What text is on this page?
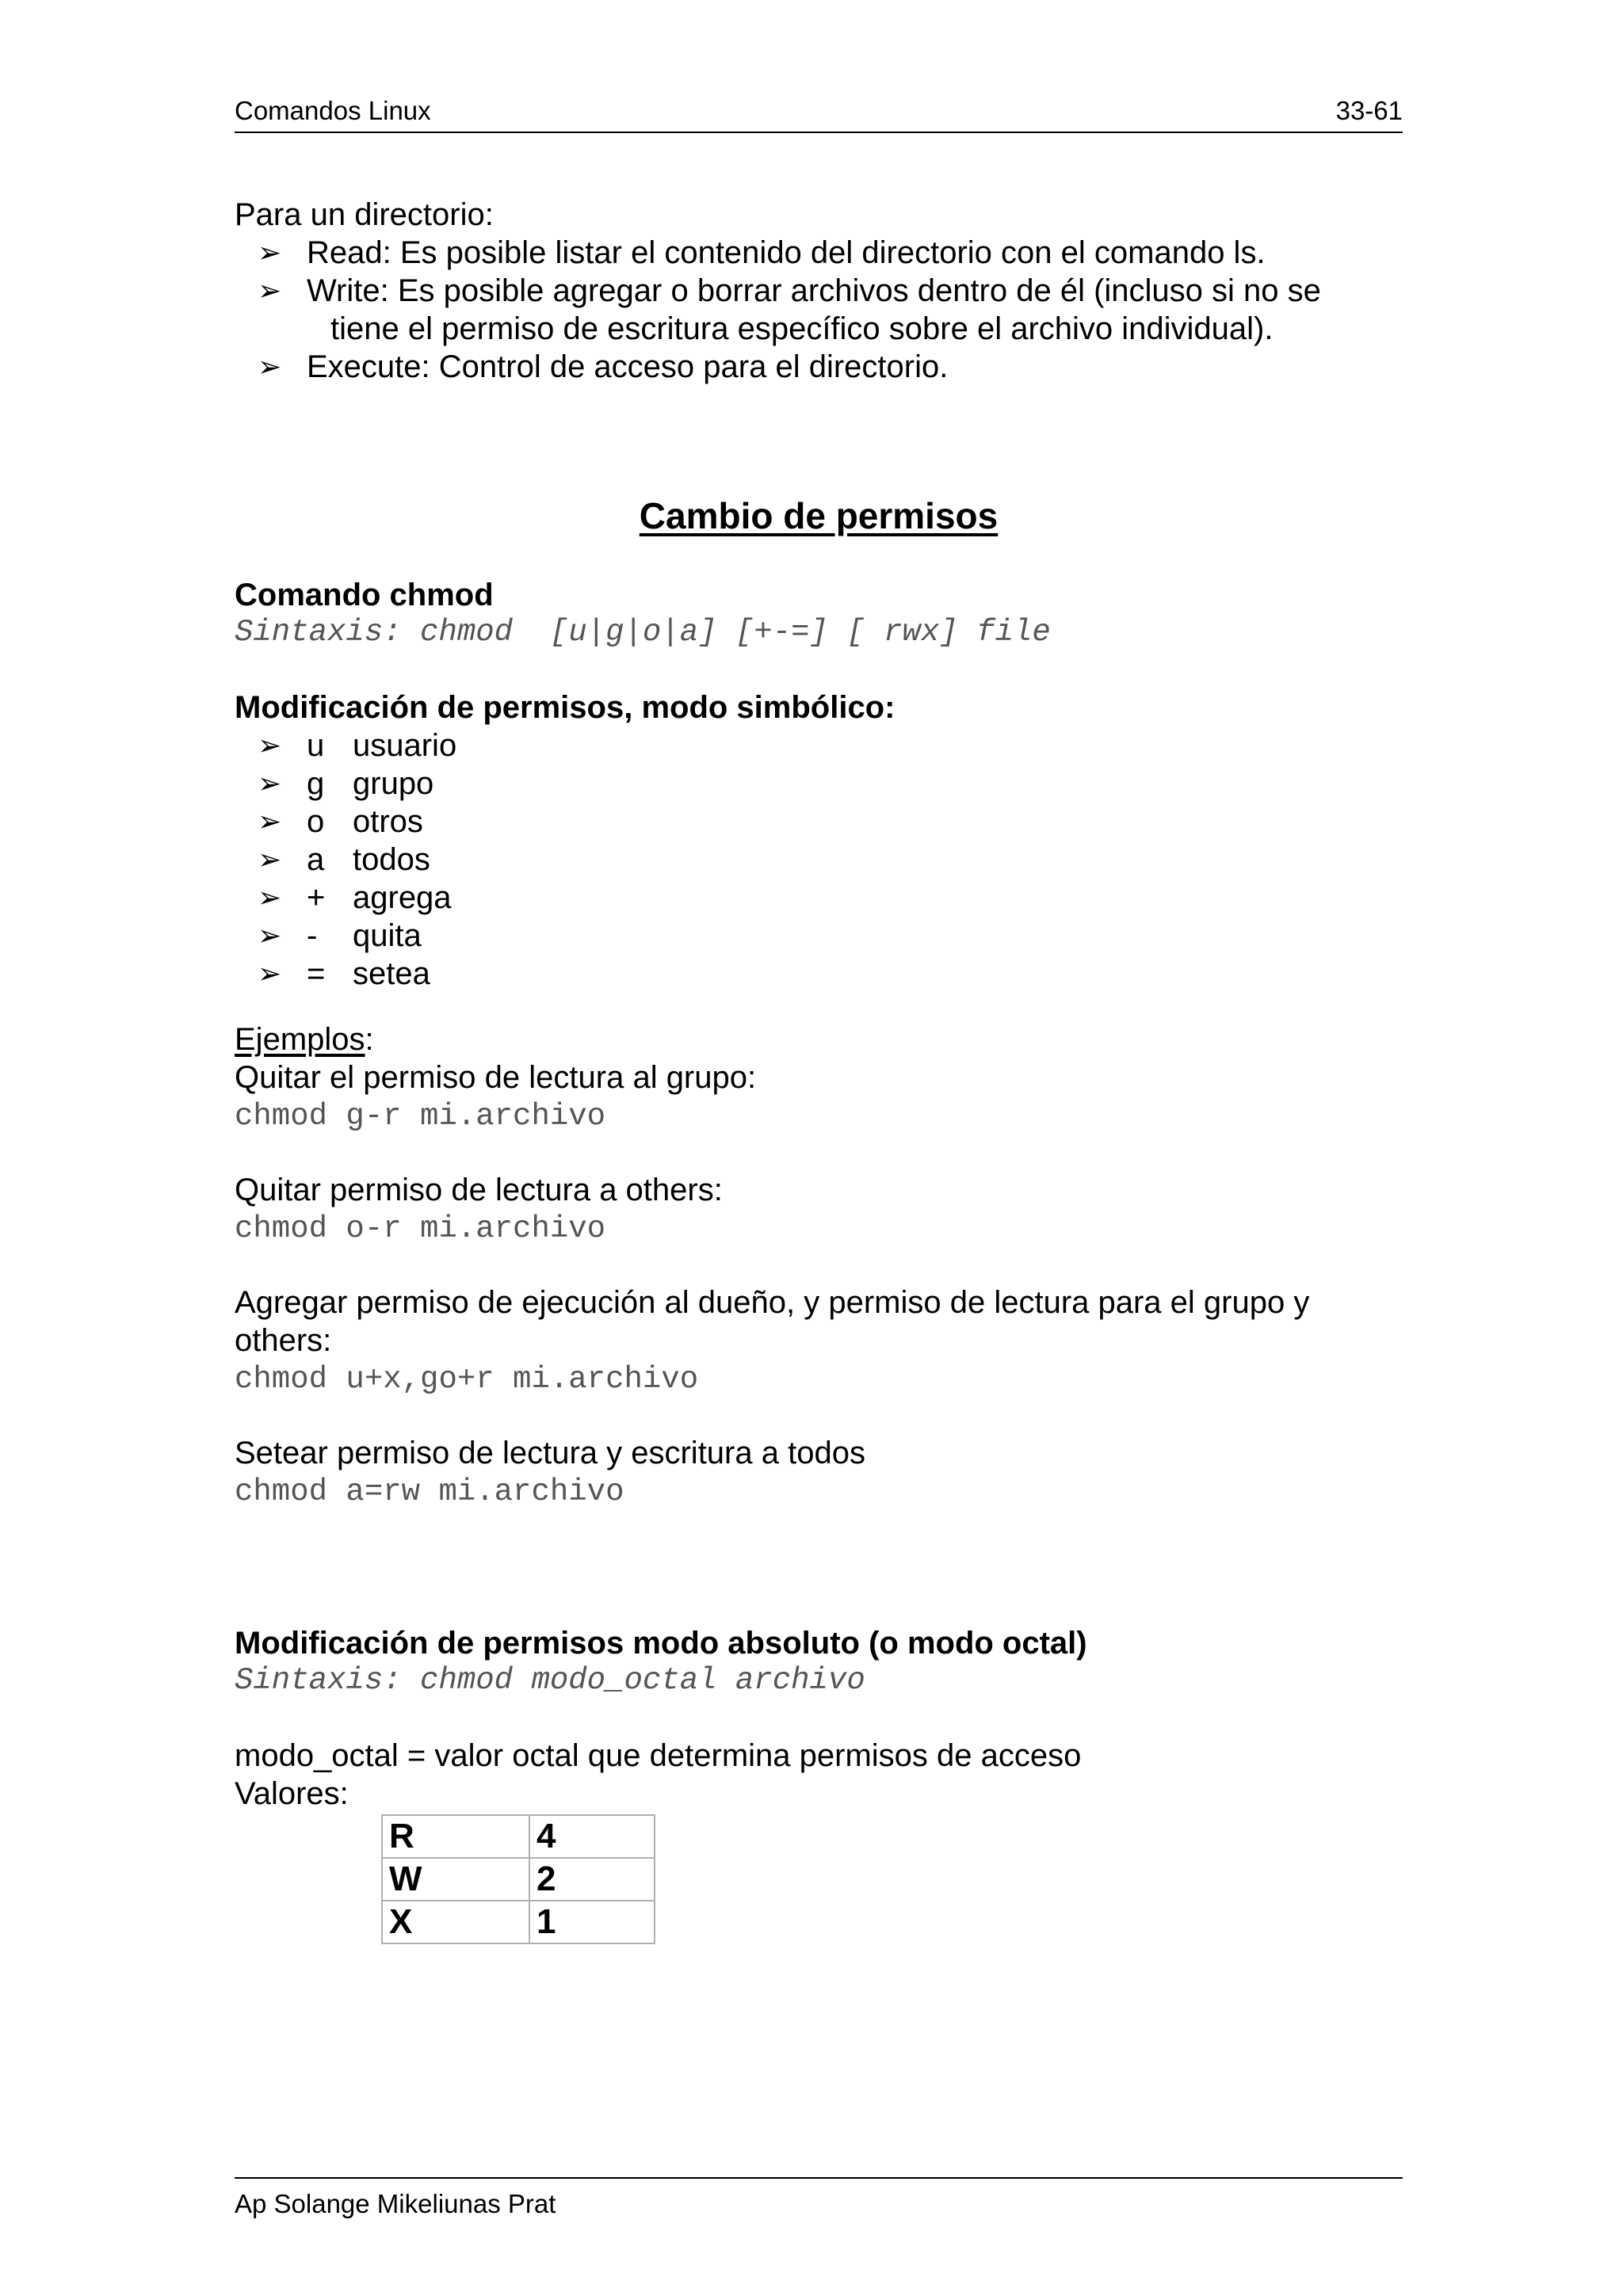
Comandos Linux	33-61
Para un directorio:
➢ Read: Es posible listar el contenido del directorio con el comando ls.
➢ Write: Es posible agregar o borrar archivos dentro de él (incluso si no se
tiene el permiso de escritura específico sobre el archivo individual).
➢ Execute: Control de acceso para el directorio.
Cambio de permisos
Comando chmod
Sintaxis: chmod  [u|g|o|a] [+-=] [ rwx] file
Modificación de permisos, modo simbólico:
➢ u usuario
➢ g grupo
➢ o otros
➢ a todos
➢ + agrega
➢ - quita
➢ = setea
Ejemplos:
Quitar el permiso de lectura al grupo:
chmod g-r mi.archivo
Quitar permiso de lectura a others:
chmod o-r mi.archivo
Agregar permiso de ejecución al dueño, y permiso de lectura para el grupo y
others:
chmod u+x,go+r mi.archivo
Setear permiso de lectura y escritura a todos
chmod a=rw mi.archivo
Modificación de permisos modo absoluto (o modo octal)
Sintaxis: chmod modo_octal archivo
modo_octal = valor octal que determina permisos de acceso
Valores:
R	4
W	2
X	1
Ap Solange Mikeliunas Prat
